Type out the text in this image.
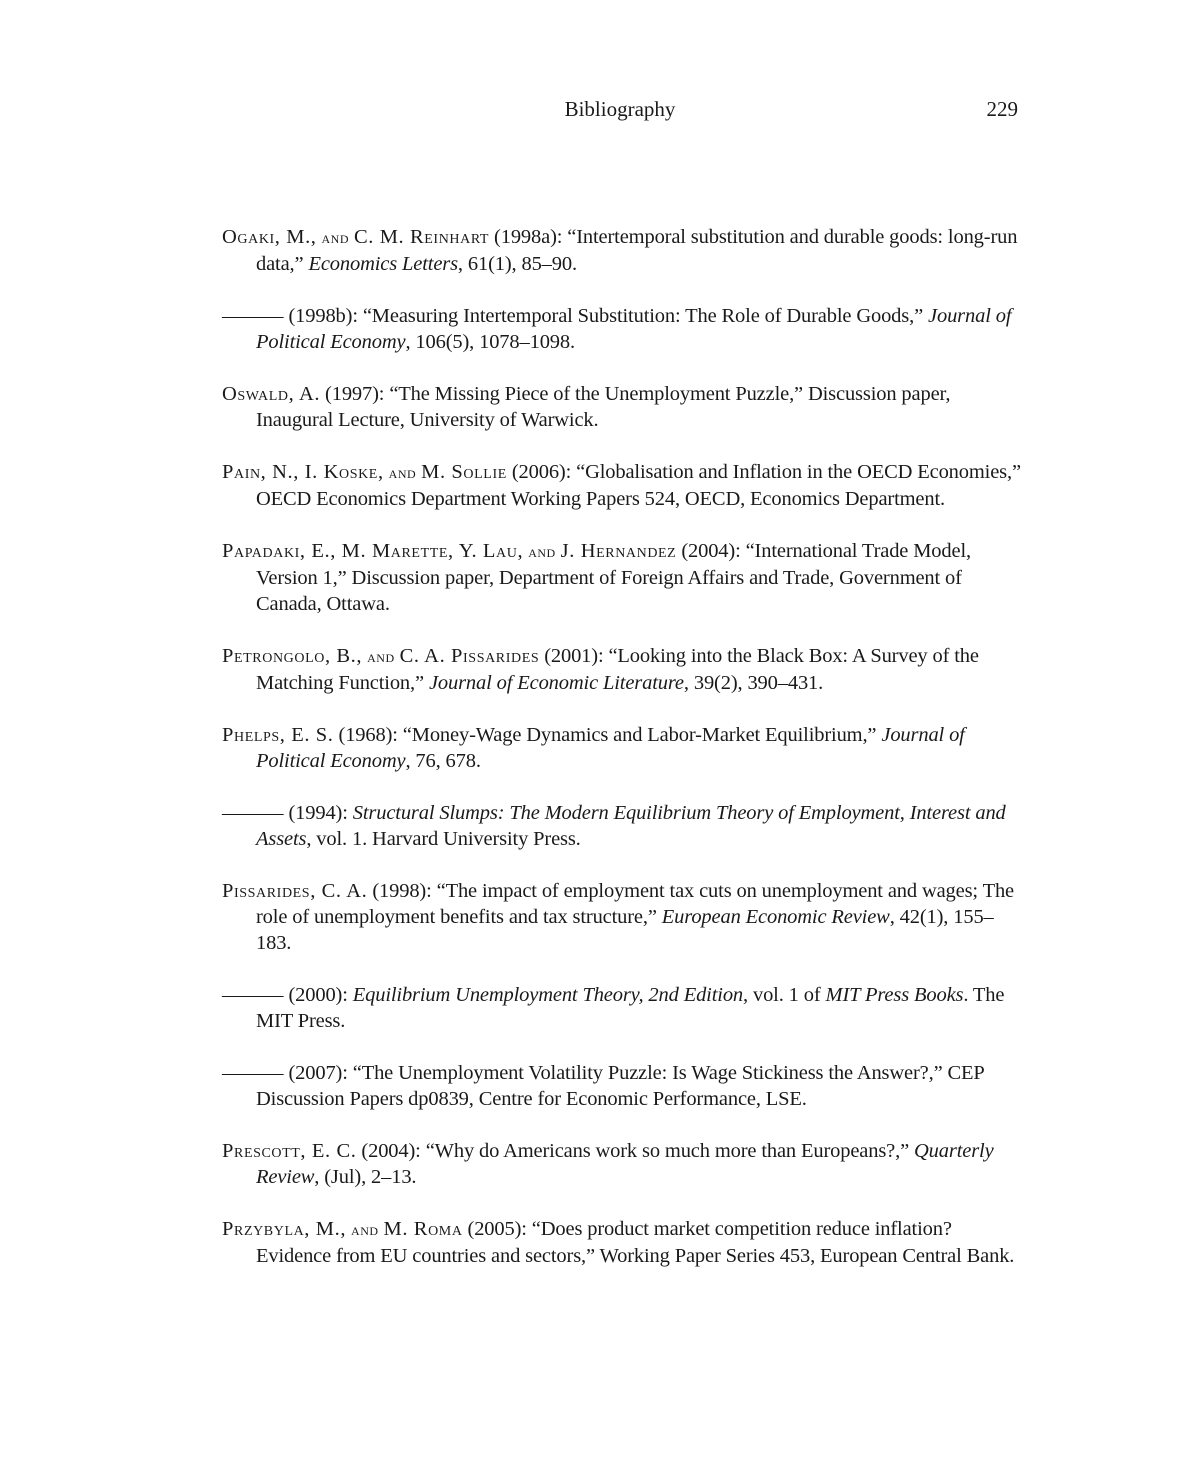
Bibliography	229

Ogaki, M., and C. M. Reinhart (1998a): “Intertemporal substitution and durable goods: long-run data,” Economics Letters, 61(1), 85–90.

——— (1998b): “Measuring Intertemporal Substitution: The Role of Durable Goods,” Journal of Political Economy, 106(5), 1078–1098.

Oswald, A. (1997): “The Missing Piece of the Unemployment Puzzle,” Discussion paper, Inaugural Lecture, University of Warwick.

Pain, N., I. Koske, and M. Sollie (2006): “Globalisation and Inflation in the OECD Economies,” OECD Economics Department Working Papers 524, OECD, Economics Department.

Papadaki, E., M. Marette, Y. Lau, and J. Hernandez (2004): “International Trade Model, Version 1,” Discussion paper, Department of Foreign Affairs and Trade, Government of Canada, Ottawa.

Petrongolo, B., and C. A. Pissarides (2001): “Looking into the Black Box: A Survey of the Matching Function,” Journal of Economic Literature, 39(2), 390–431.

Phelps, E. S. (1968): “Money-Wage Dynamics and Labor-Market Equilibrium,” Journal of Political Economy, 76, 678.

——— (1994): Structural Slumps: The Modern Equilibrium Theory of Employment, Interest and Assets, vol. 1. Harvard University Press.

Pissarides, C. A. (1998): “The impact of employment tax cuts on unemployment and wages; The role of unemployment benefits and tax structure,” European Economic Review, 42(1), 155–183.

——— (2000): Equilibrium Unemployment Theory, 2nd Edition, vol. 1 of MIT Press Books. The MIT Press.

——— (2007): “The Unemployment Volatility Puzzle: Is Wage Stickiness the Answer?,” CEP Discussion Papers dp0839, Centre for Economic Performance, LSE.

Prescott, E. C. (2004): “Why do Americans work so much more than Europeans?,” Quarterly Review, (Jul), 2–13.

Przybyla, M., and M. Roma (2005): “Does product market competition reduce inflation? Evidence from EU countries and sectors,” Working Paper Series 453, European Central Bank.
